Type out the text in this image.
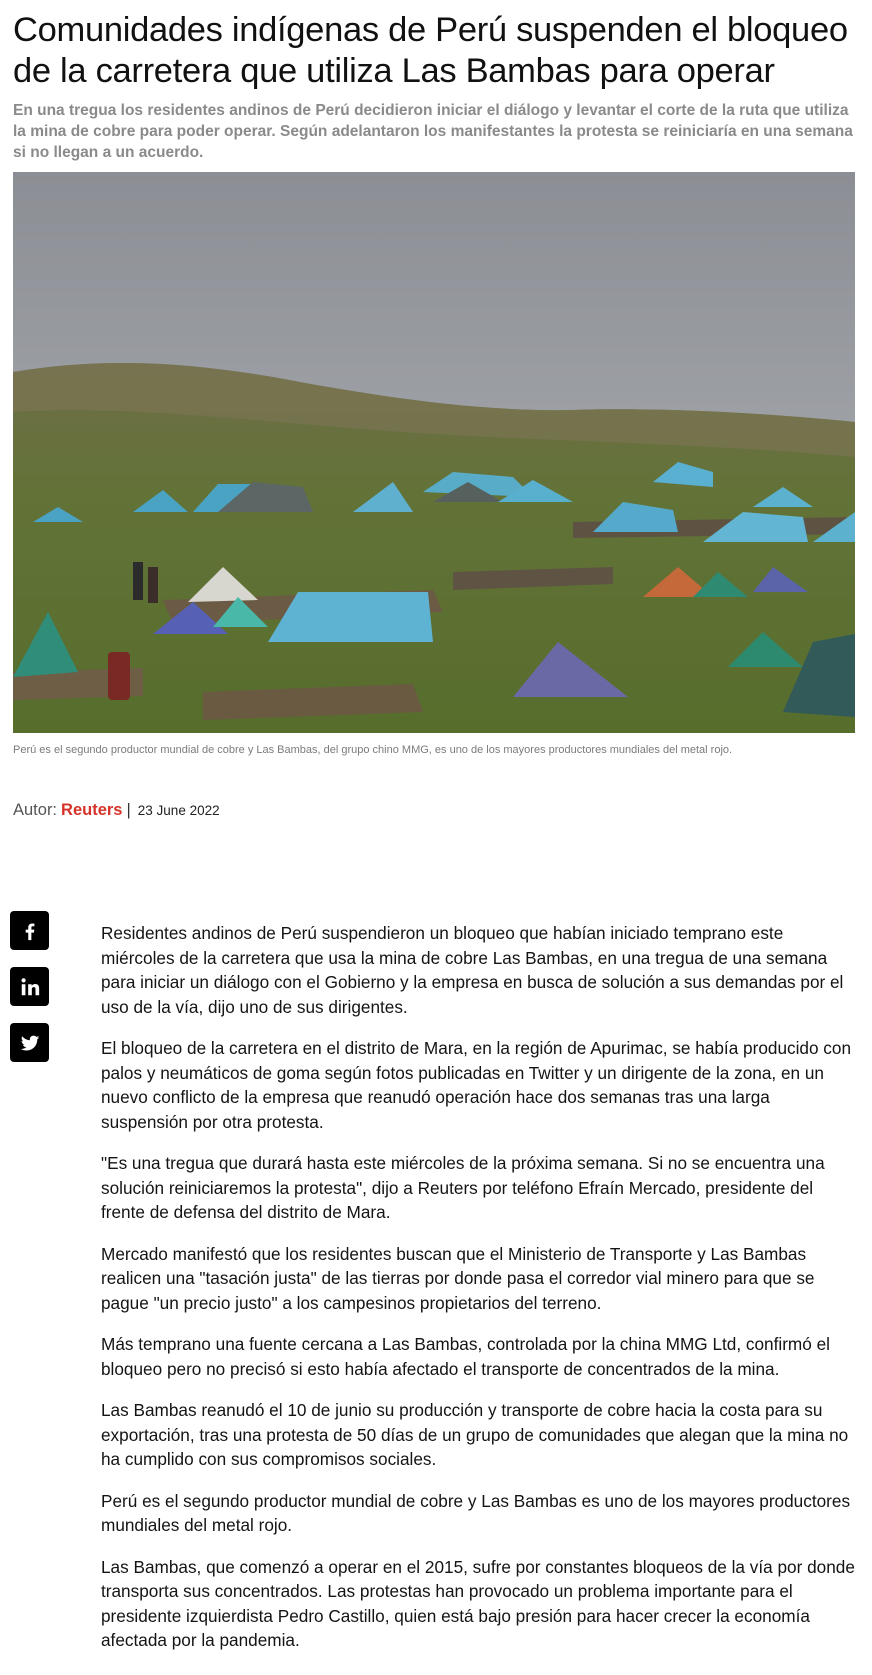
Comunidades indígenas de Perú suspenden el bloqueo de la carretera que utiliza Las Bambas para operar

En una tregua los residentes andinos de Perú decidieron iniciar el diálogo y levantar el corte de la ruta que utiliza la mina de cobre para poder operar. Según adelantaron los manifestantes la protesta se reiniciaría en una semana si no llegan a un acuerdo.

Perú es el segundo productor mundial de cobre y Las Bambas, del grupo chino MMG, es uno de los mayores productores mundiales del metal rojo.

Autor: Reuters | 23 June 2022

Residentes andinos de Perú suspendieron un bloqueo que habían iniciado temprano este miércoles de la carretera que usa la mina de cobre Las Bambas, en una tregua de una semana para iniciar un diálogo con el Gobierno y la empresa en busca de solución a sus demandas por el uso de la vía, dijo uno de sus dirigentes.

El bloqueo de la carretera en el distrito de Mara, en la región de Apurimac, se había producido con palos y neumáticos de goma según fotos publicadas en Twitter y un dirigente de la zona, en un nuevo conflicto de la empresa que reanudó operación hace dos semanas tras una larga suspensión por otra protesta.

"Es una tregua que durará hasta este miércoles de la próxima semana. Si no se encuentra una solución reiniciaremos la protesta", dijo a Reuters por teléfono Efraín Mercado, presidente del frente de defensa del distrito de Mara.

Mercado manifestó que los residentes buscan que el Ministerio de Transporte y Las Bambas realicen una "tasación justa" de las tierras por donde pasa el corredor vial minero para que se pague "un precio justo" a los campesinos propietarios del terreno.

Más temprano una fuente cercana a Las Bambas, controlada por la china MMG Ltd, confirmó el bloqueo pero no precisó si esto había afectado el transporte de concentrados de la mina.

Las Bambas reanudó el 10 de junio su producción y transporte de cobre hacia la costa para su exportación, tras una protesta de 50 días de un grupo de comunidades que alegan que la mina no ha cumplido con sus compromisos sociales.

Perú es el segundo productor mundial de cobre y Las Bambas es uno de los mayores productores mundiales del metal rojo.

Las Bambas, que comenzó a operar en el 2015, sufre por constantes bloqueos de la vía por donde transporta sus concentrados. Las protestas han provocado un problema importante para el presidente izquierdista Pedro Castillo, quien está bajo presión para hacer crecer la economía afectada por la pandemia.
